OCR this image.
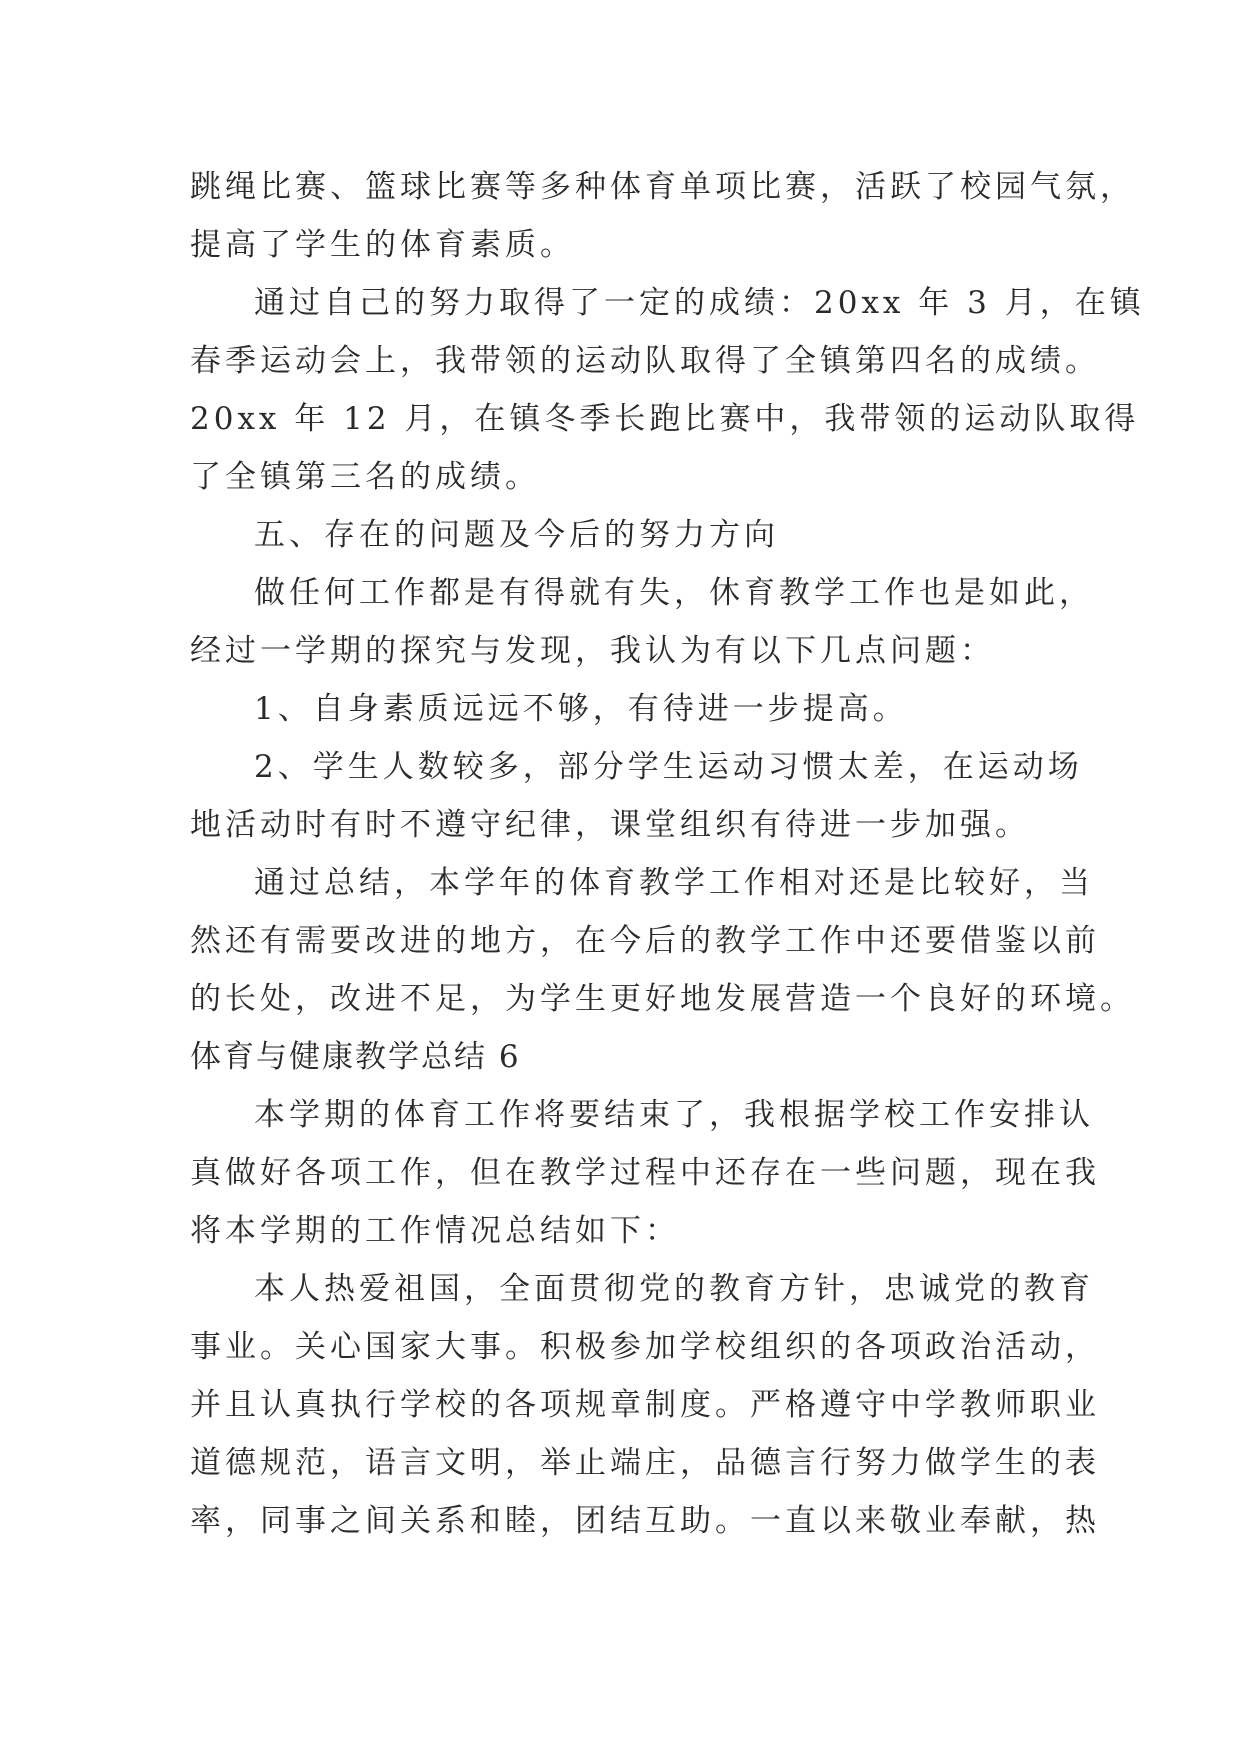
跳绳比赛、篮球比赛等多种体育单项比赛，活跃了校园气氛，
提高了学生的体育素质。
通过自己的努力取得了一定的成绩：20xx 年 3 月，在镇
春季运动会上，我带领的运动队取得了全镇第四名的成绩。
20xx 年 12 月，在镇冬季长跑比赛中，我带领的运动队取得
了全镇第三名的成绩。
五、存在的问题及今后的努力方向
做任何工作都是有得就有失，休育教学工作也是如此，
经过一学期的探究与发现，我认为有以下几点问题：
1、自身素质远远不够，有待进一步提高。
2、学生人数较多，部分学生运动习惯太差，在运动场
地活动时有时不遵守纪律，课堂组织有待进一步加强。
通过总结，本学年的体育教学工作相对还是比较好，当
然还有需要改进的地方，在今后的教学工作中还要借鉴以前
的长处，改进不足，为学生更好地发展营造一个良好的环境。
体育与健康教学总结 6
本学期的体育工作将要结束了，我根据学校工作安排认
真做好各项工作，但在教学过程中还存在一些问题，现在我
将本学期的工作情况总结如下：
本人热爱祖国，全面贯彻党的教育方针，忠诚党的教育
事业。关心国家大事。积极参加学校组织的各项政治活动，
并且认真执行学校的各项规章制度。严格遵守中学教师职业
道德规范，语言文明，举止端庄，品德言行努力做学生的表
率，同事之间关系和睦，团结互助。一直以来敬业奉献，热
